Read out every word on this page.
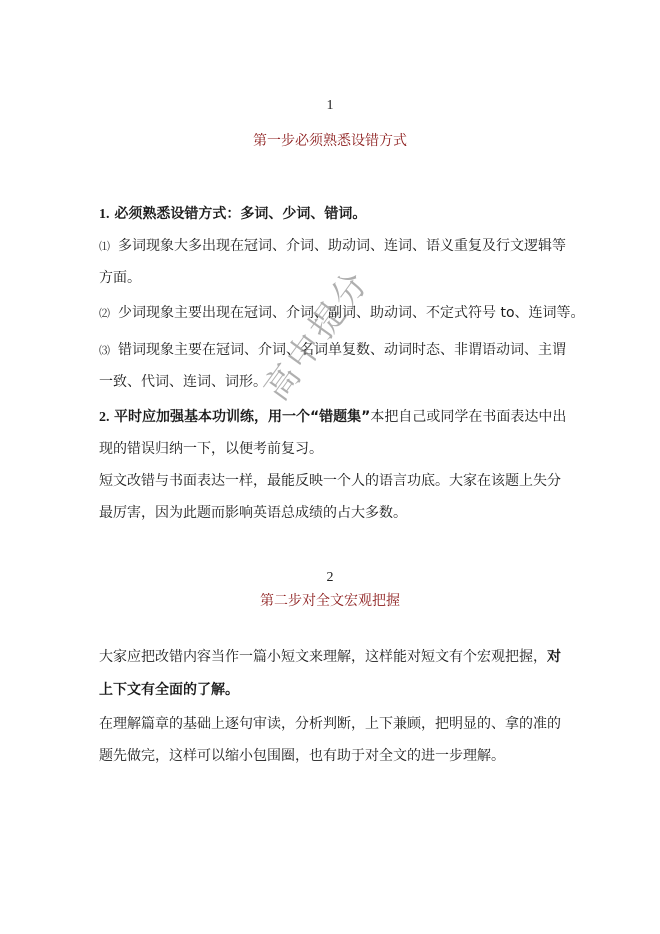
1
第一步必须熟悉设错方式
1. 必须熟悉设错方式：多词、少词、错词。
⑴ 多词现象大多出现在冠词、介词、助动词、连词、语义重复及行文逻辑等
方面。
⑵ 少词现象主要出现在冠词、介词、副词、助动词、不定式符号 to、连词等。
⑶ 错词现象主要在冠词、介词、名词单复数、动词时态、非谓语动词、主谓
一致、代词、连词、词形。
2. 平时应加强基本功训练，用一个“错题集”本把自己或同学在书面表达中出
现的错误归纳一下，以便考前复习。
短文改错与书面表达一样，最能反映一个人的语言功底。大家在该题上失分
最厉害，因为此题而影响英语总成绩的占大多数。
2
第二步对全文宏观把握
大家应把改错内容当作一篇小短文来理解，这样能对短文有个宏观把握，对
上下文有全面的了解。
在理解篇章的基础上逐句审读，分析判断，上下兼顾，把明显的、拿的准的
题先做完，这样可以缩小包围圈，也有助于对全文的进一步理解。
高中提分
